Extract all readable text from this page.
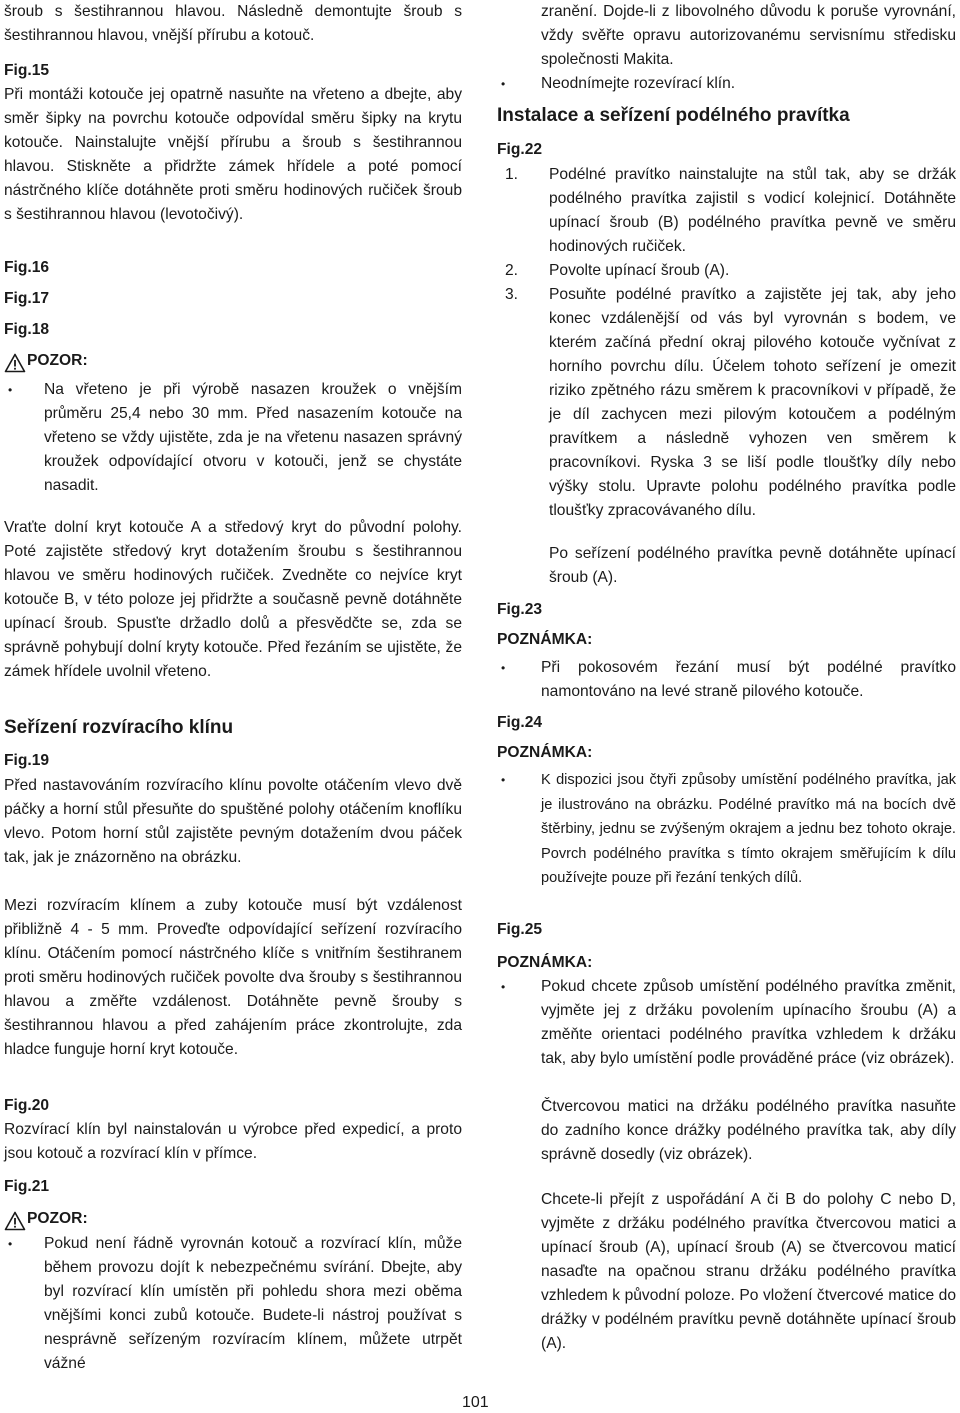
šroub s šestihrannou hlavou. Následně demontujte šroub s šestihrannou hlavou, vnější přírubu a kotouč.

Fig.15

Při montáži kotouče jej opatrně nasuňte na vřeteno a dbejte, aby směr šipky na povrchu kotouče odpovídal směru šipky na krytu kotouče. Nainstalujte vnější přírubu a šroub s šestihrannou hlavou. Stiskněte a přidržte zámek hřídele a poté pomocí nástrčného klíče dotáhněte proti směru hodinových ručiček šroub s šestihrannou hlavou (levotočivý).

Fig.16
Fig.17
Fig.18
POZOR:
• Na vřeteno je při výrobě nasazen kroužek o vnějším průměru 25,4 nebo 30 mm. Před nasazením kotouče na vřeteno se vždy ujistěte, zda je na vřetenu nasazen správný kroužek odpovídající otvoru v kotouči, jenž se chystáte nasadit.

Vraťte dolní kryt kotouče A a středový kryt do původní polohy. Poté zajistěte středový kryt dotažením šroubu s šestihrannou hlavou ve směru hodinových ručiček. Zvedněte co nejvíce kryt kotouče B, v této poloze jej přidržte a současně pevně dotáhněte upínací šroub. Spusťte držadlo dolů a přesvědčte se, zda se správně pohybují dolní kryty kotouče. Před řezáním se ujistěte, že zámek hřídele uvolnil vřeteno.

Seřízení rozvíracího klínu
Fig.19

Před nastavováním rozvíracího klínu povolte otáčením vlevo dvě páčky a horní stůl přesuňte do spuštěné polohy otáčením knoflíku vlevo. Potom horní stůl zajistěte pevným dotažením dvou páček tak, jak je znázorněno na obrázku.

Mezi rozvíracím klínem a zuby kotouče musí být vzdálenost přibližně 4 - 5 mm. Proveďte odpovídající seřízení rozvíracího klínu. Otáčením pomocí nástrčného klíče s vnitřním šestihranem proti směru hodinových ručiček povolte dva šrouby s šestihrannou hlavou a změřte vzdálenost. Dotáhněte pevně šrouby s šestihrannou hlavou a před zahájením práce zkontrolujte, zda hladce funguje horní kryt kotouče.

Fig.20

Rozvírací klín byl nainstalován u výrobce před expedicí, a proto jsou kotouč a rozvírací klín v přímce.

Fig.21
POZOR:
• Pokud není řádně vyrovnán kotouč a rozvírací klín, může během provozu dojít k nebezpečnému svírání. Dbejte, aby byl rozvírací klín umístěn při pohledu shora mezi oběma vnějšími konci zubů kotouče. Budete-li nástroj používat s nesprávně seřízeným rozvíracím klínem, můžete utrpět vážné
zranění. Dojde-li z libovolného důvodu k poruše vyrovnání, vždy svěřte opravu autorizovanému servisnímu středisku společnosti Makita.
• Neodnímejte rozevírací klín.
Instalace a seřízení podélného pravítka
Fig.22
1. Podélné pravítko nainstalujte na stůl tak, aby se držák podélného pravítka zajistil s vodicí kolejnicí. Dotáhněte upínací šroub (B) podélného pravítka pevně ve směru hodinových ručiček.
2. Povolte upínací šroub (A).
3. Posuňte podélné pravítko a zajistěte jej tak, aby jeho konec vzdálenější od vás byl vyrovnán s bodem, ve kterém začíná přední okraj pilového kotouče vyčnívat z horního povrchu dílu. Účelem tohoto seřízení je omezit riziko zpětného rázu směrem k pracovníkovi v případě, že je díl zachycen mezi pilovým kotoučem a podélným pravítkem a následně vyhozen ven směrem k pracovníkovi. Ryska 3 se liší podle tloušťky díly nebo výšky stolu. Upravte polohu podélného pravítka podle tloušťky zpracovávaného dílu.
Po seřízení podélného pravítka pevně dotáhněte upínací šroub (A).
Fig.23
POZNÁMKA:
• Při pokosovém řezání musí být podélné pravítko namontováno na levé straně pilového kotouče.
Fig.24
POZNÁMKA:
• K dispozici jsou čtyři způsoby umístění podélného pravítka, jak je ilustrováno na obrázku. Podélné pravítko má na bocích dvě štěrbiny, jednu se zvýšeným okrajem a jednu bez tohoto okraje. Povrch podélného pravítka s tímto okrajem směřujícím k dílu používejte pouze při řezání tenkých dílů.
Fig.25
POZNÁMKA:
• Pokud chcete způsob umístění podélného pravítka změnit, vyjměte jej z držáku povolením upínacího šroubu (A) a změňte orientaci podélného pravítka vzhledem k držáku tak, aby bylo umístění podle prováděné práce (viz obrázek).
Čtvercovou matici na držáku podélného pravítka nasuňte do zadního konce drážky podélného pravítka tak, aby díly správně dosedly (viz obrázek).
Chcete-li přejít z uspořádání A či B do polohy C nebo D, vyjměte z držáku podélného pravítka čtvercovou matici a upínací šroub (A), upínací šroub (A) se čtvercovou maticí nasaďte na opačnou stranu držáku podélného pravítka vzhledem k původní poloze. Po vložení čtvercové matice do drážky v podélném pravítku pevně dotáhněte upínací šroub (A).
101
